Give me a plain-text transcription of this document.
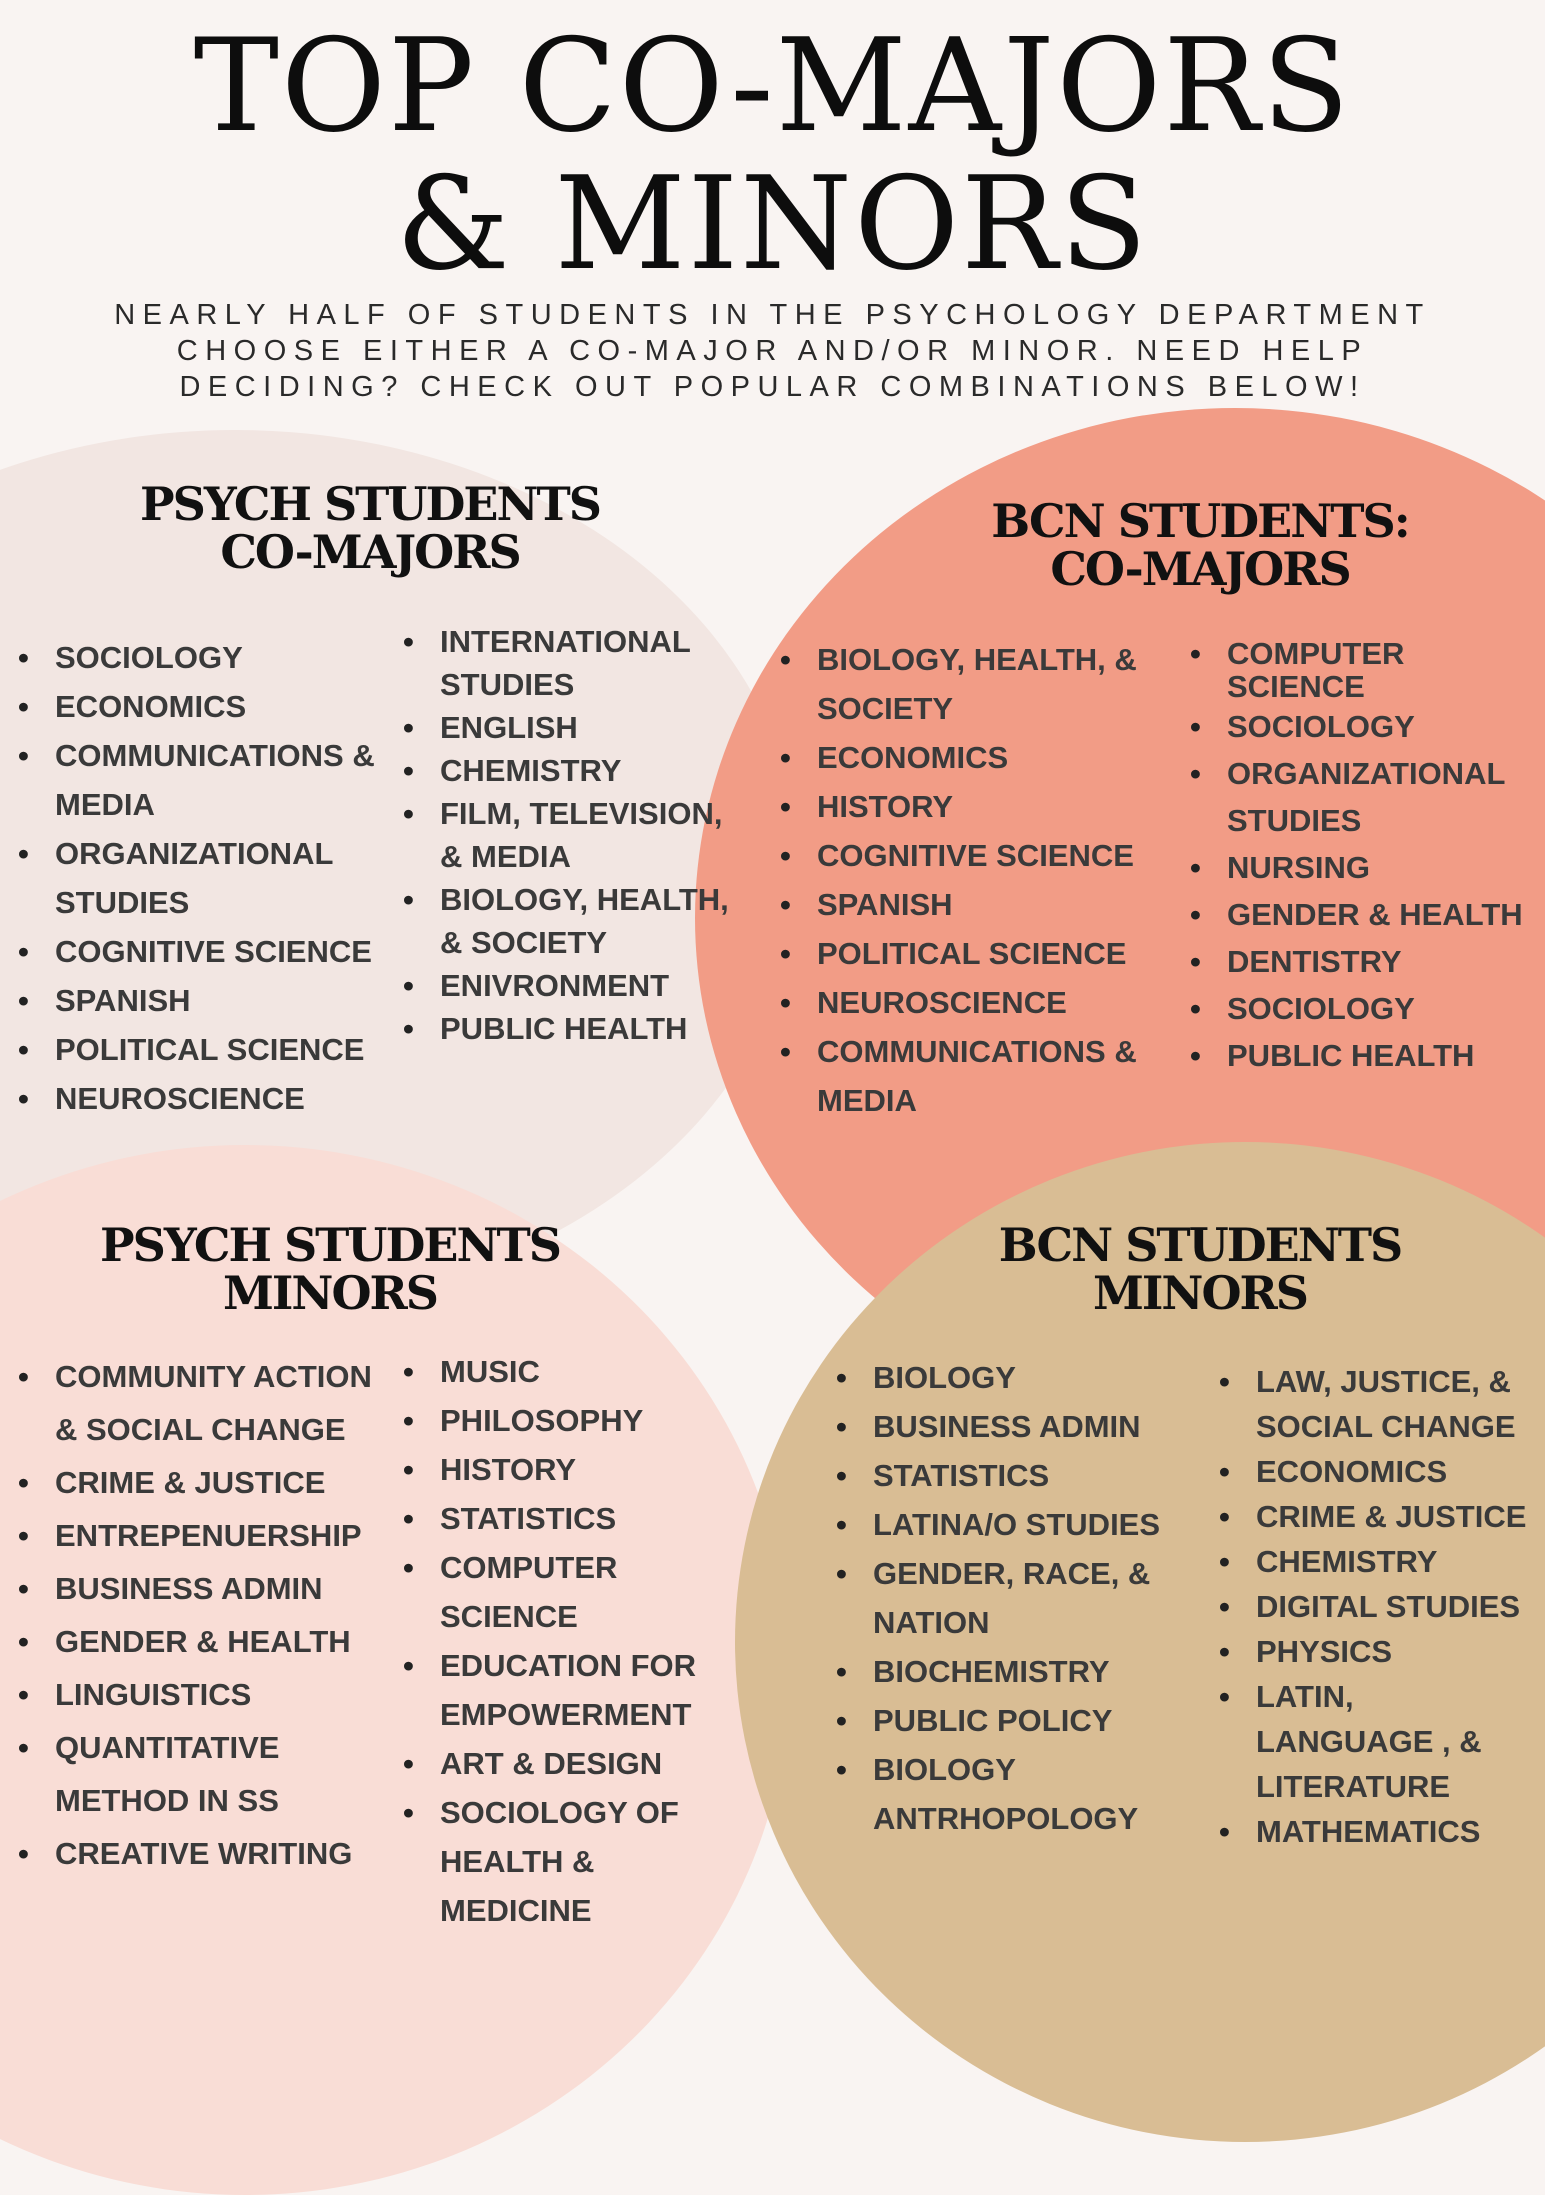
TOP CO-MAJORS
& MINORS
NEARLY HALF OF STUDENTS IN THE PSYCHOLOGY DEPARTMENT
CHOOSE EITHER A CO-MAJOR AND/OR MINOR. NEED HELP
DECIDING? CHECK OUT POPULAR COMBINATIONS BELOW!
PSYCH STUDENTS
CO-MAJORS
• SOCIOLOGY
• ECONOMICS
• COMMUNICATIONS & MEDIA
• ORGANIZATIONAL STUDIES
• COGNITIVE SCIENCE
• SPANISH
• POLITICAL SCIENCE
• NEUROSCIENCE
• INTERNATIONAL STUDIES
• ENGLISH
• CHEMISTRY
• FILM, TELEVISION, & MEDIA
• BIOLOGY, HEALTH, & SOCIETY
• ENIVRONMENT
• PUBLIC HEALTH
BCN STUDENTS:
CO-MAJORS
• BIOLOGY, HEALTH, & SOCIETY
• ECONOMICS
• HISTORY
• COGNITIVE SCIENCE
• SPANISH
• POLITICAL SCIENCE
• NEUROSCIENCE
• COMMUNICATIONS & MEDIA
• COMPUTER SCIENCE
• SOCIOLOGY
• ORGANIZATIONAL STUDIES
• NURSING
• GENDER & HEALTH
• DENTISTRY
• SOCIOLOGY
• PUBLIC HEALTH
PSYCH STUDENTS
MINORS
• COMMUNITY ACTION & SOCIAL CHANGE
• CRIME & JUSTICE
• ENTREPENUERSHIP
• BUSINESS ADMIN
• GENDER & HEALTH
• LINGUISTICS
• QUANTITATIVE METHOD IN SS
• CREATIVE WRITING
• MUSIC
• PHILOSOPHY
• HISTORY
• STATISTICS
• COMPUTER SCIENCE
• EDUCATION FOR EMPOWERMENT
• ART & DESIGN
• SOCIOLOGY OF HEALTH & MEDICINE
BCN STUDENTS
MINORS
• BIOLOGY
• BUSINESS ADMIN
• STATISTICS
• LATINA/O STUDIES
• GENDER, RACE, & NATION
• BIOCHEMISTRY
• PUBLIC POLICY
• BIOLOGY ANTRHOPOLOGY
• LAW, JUSTICE, & SOCIAL CHANGE
• ECONOMICS
• CRIME & JUSTICE
• CHEMISTRY
• DIGITAL STUDIES
• PHYSICS
• LATIN, LANGUAGE , & LITERATURE
• MATHEMATICS
